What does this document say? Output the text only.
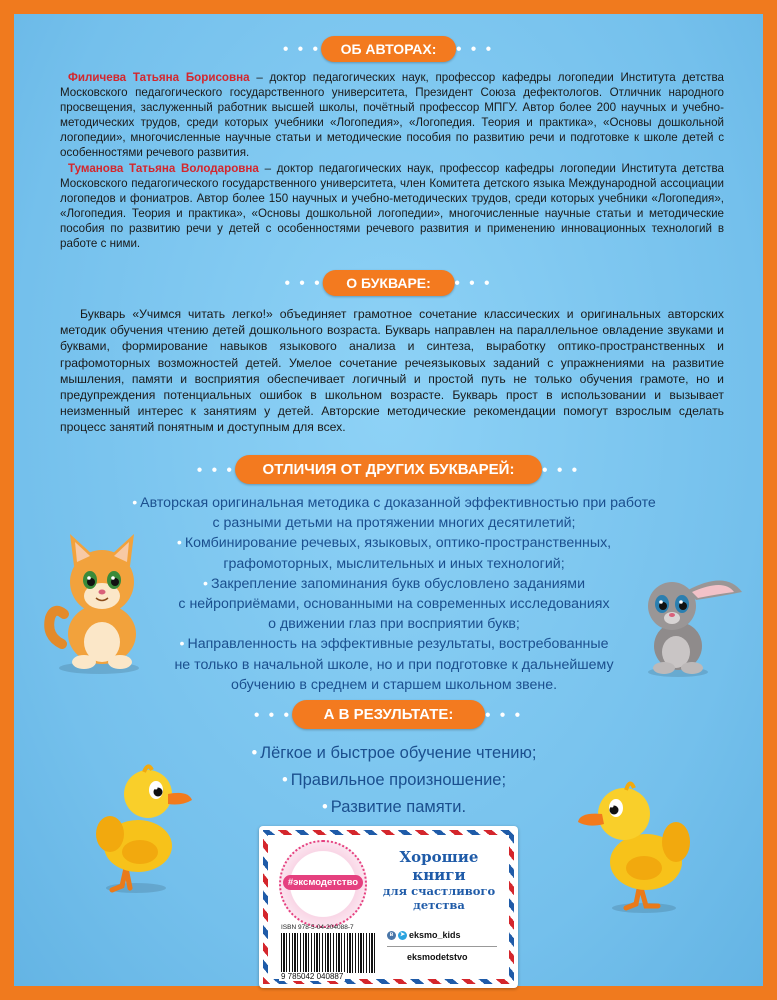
● ● ● ОБ АВТОРАХ: ● ● ●
Филичева Татьяна Борисовна – доктор педагогических наук, профессор кафедры логопедии Института детства Московского педагогического государственного университета, Президент Союза дефектологов. Отличник народного просвещения, заслуженный работник высшей школы, почётный профессор МПГУ. Автор более 200 научных и учебно-методических трудов, среди которых учебники «Логопедия», «Логопедия. Теория и практика», «Основы дошкольной логопедии», многочисленные научные статьи и методические пособия по развитию речи и подготовке к школе детей с особенностями речевого развития.
Туманова Татьяна Володаровна – доктор педагогических наук, профессор кафедры логопедии Института детства Московского педагогического государственного университета, член Комитета детского языка Международной ассоциации логопедов и фониатров. Автор более 150 научных и учебно-методических трудов, среди которых учебники «Логопедия», «Логопедия. Теория и практика», «Основы дошкольной логопедии», многочисленные научные статьи и методические пособия по развитию речи у детей с особенностями речевого развития и применению инновационных технологий в работе с ними.
● ● ● О БУКВАРЕ: ● ● ●
Букварь «Учимся читать легко!» объединяет грамотное сочетание классических и оригинальных авторских методик обучения чтению детей дошкольного возраста. Букварь направлен на параллельное овладение звуками и буквами, формирование навыков языкового анализа и синтеза, выработку оптико-пространственных и графомоторных возможностей детей. Умелое сочетание речеязыковых заданий с упражнениями на развитие мышления, памяти и восприятия обеспечивает логичный и простой путь не только обучения грамоте, но и предупреждения потенциальных ошибок в школьном возрасте. Букварь прост в использовании и вызывает неизменный интерес к занятиям у детей. Авторские методические рекомендации помогут взрослым сделать процесс занятий понятным и доступным для всех.
● ● ● ОТЛИЧИЯ ОТ ДРУГИХ БУКВАРЕЙ:	● ● ●

• Авторская оригинальная методика с доказанной эффективностью при работе

с разными детьми на протяжении многих десятилетий;

• Комбинирование речевых, языковых, оптико-пространственных,

графомоторных, мыслительных и иных технологий;

• Закрепление запоминания букв обусловлено заданиями

с нейроприёмами, основанными на современных исследованиях

о движении глаз при восприятии букв;

• Направленность на эффективные результаты, востребованные

не только в начальной школе, но и при подготовке к дальнейшему

обучению в среднем и старшем школьном звене.

● ● ● А В РЕЗУЛЬТАТЕ:	● ● ●

• Лёгкое и быстрое обучение чтению;

• Правильное произношение;

• Развитие памяти.

#эксмодетство
Хорошие
книги
для счастливого
детства
ISBN 978-5-04-204088-7
9 785042 040887
в ➤ eksmo_kids
eksmodetstvo
